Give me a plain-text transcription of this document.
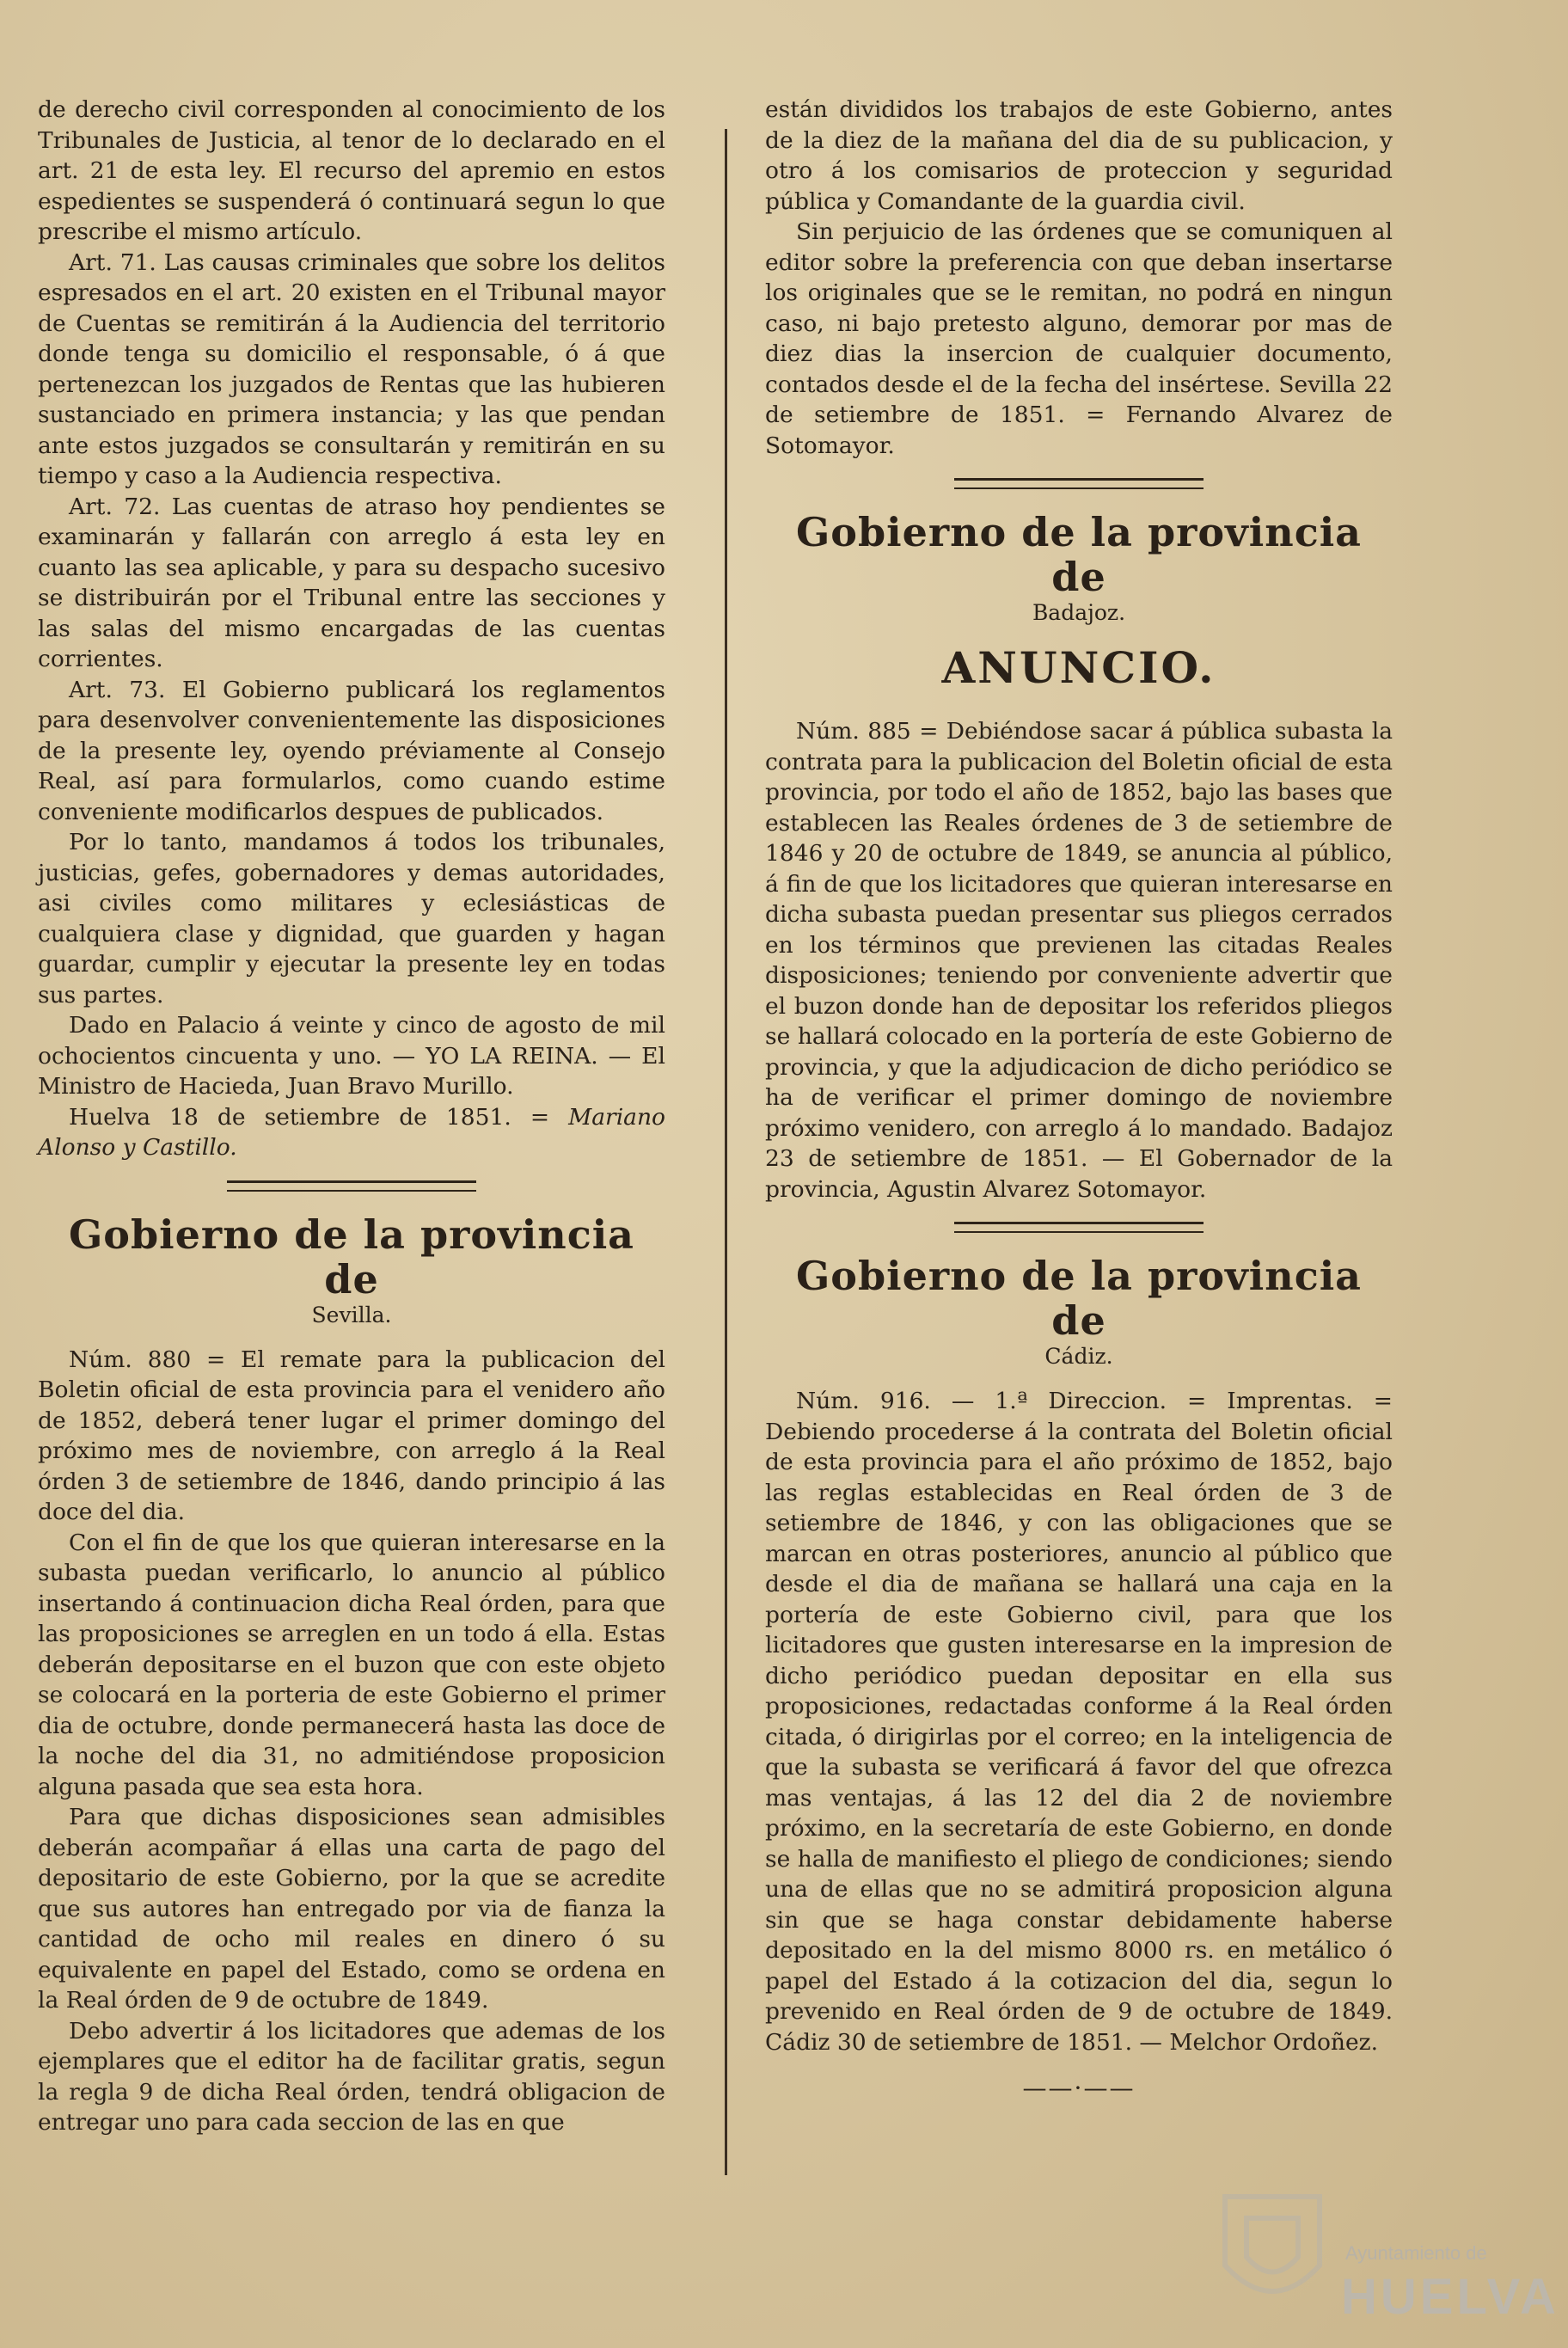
de derecho civil corresponden al conocimiento de los Tribunales de Justicia, al tenor de lo declarado en el art. 21 de esta ley. El recurso del apremio en estos espedientes se suspenderá ó continuará segun lo que prescribe el mismo artículo.

Art. 71. Las causas criminales que sobre los delitos espresados en el art. 20 existen en el Tribunal mayor de Cuentas se remitirán á la Audiencia del territorio donde tenga su domicilio el responsable, ó á que pertenezcan los juzgados de Rentas que las hubieren sustanciado en primera instancia; y las que pendan ante estos juzgados se consultarán y remitirán en su tiempo y caso a la Audiencia respectiva.

Art. 72. Las cuentas de atraso hoy pendientes se examinarán y fallarán con arreglo á esta ley en cuanto las sea aplicable, y para su despacho sucesivo se distribuirán por el Tribunal entre las secciones y las salas del mismo encargadas de las cuentas corrientes.

Art. 73. El Gobierno publicará los reglamentos para desenvolver convenientemente las disposiciones de la presente ley, oyendo préviamente al Consejo Real, así para formularlos, como cuando estime conveniente modificarlos despues de publicados.

Por lo tanto, mandamos á todos los tribunales, justicias, gefes, gobernadores y demas autoridades, asi civiles como militares y eclesiásticas de cualquiera clase y dignidad, que guarden y hagan guardar, cumplir y ejecutar la presente ley en todas sus partes.

Dado en Palacio á veinte y cinco de agosto de mil ochocientos cincuenta y uno. — YO LA REINA. — El Ministro de Hacieda, Juan Bravo Murillo.

Huelva 18 de setiembre de 1851. = Mariano Alonso y Castillo.

Gobierno de la provincia de
Sevilla.

Núm. 880 = El remate para la publicacion del Boletin oficial de esta provincia para el venidero año de 1852, deberá tener lugar el primer domingo del próximo mes de noviembre, con arreglo á la Real órden 3 de setiembre de 1846, dando principio á las doce del dia.

Con el fin de que los que quieran interesarse en la subasta puedan verificarlo, lo anuncio al público insertando á continuacion dicha Real órden, para que las proposiciones se arreglen en un todo á ella. Estas deberán depositarse en el buzon que con este objeto se colocará en la porteria de este Gobierno el primer dia de octubre, donde permanecerá hasta las doce de la noche del dia 31, no admitiéndose proposicion alguna pasada que sea esta hora.

Para que dichas disposiciones sean admisibles deberán acompañar á ellas una carta de pago del depositario de este Gobierno, por la que se acredite que sus autores han entregado por via de fianza la cantidad de ocho mil reales en dinero ó su equivalente en papel del Estado, como se ordena en la Real órden de 9 de octubre de 1849.

Debo advertir á los licitadores que ademas de los ejemplares que el editor ha de facilitar gratis, segun la regla 9 de dicha Real órden, tendrá obligacion de entregar uno para cada seccion de las en que

están divididos los trabajos de este Gobierno, antes de la diez de la mañana del dia de su publicacion, y otro á los comisarios de proteccion y seguridad pública y Comandante de la guardia civil.

Sin perjuicio de las órdenes que se comuniquen al editor sobre la preferencia con que deban insertarse los originales que se le remitan, no podrá en ningun caso, ni bajo pretesto alguno, demorar por mas de diez dias la insercion de cualquier documento, contados desde el de la fecha del insértese. Sevilla 22 de setiembre de 1851. = Fernando Alvarez de Sotomayor.

Gobierno de la provincia de
Badajoz.
ANUNCIO.

Núm. 885 = Debiéndose sacar á pública subasta la contrata para la publicacion del Boletin oficial de esta provincia, por todo el año de 1852, bajo las bases que establecen las Reales órdenes de 3 de setiembre de 1846 y 20 de octubre de 1849, se anuncia al público, á fin de que los licitadores que quieran interesarse en dicha subasta puedan presentar sus pliegos cerrados en los términos que previenen las citadas Reales disposiciones; teniendo por conveniente advertir que el buzon donde han de depositar los referidos pliegos se hallará colocado en la portería de este Gobierno de provincia, y que la adjudicacion de dicho periódico se ha de verificar el primer domingo de noviembre próximo venidero, con arreglo á lo mandado. Badajoz 23 de setiembre de 1851. — El Gobernador de la provincia, Agustin Alvarez Sotomayor.

Gobierno de la provincia de
Cádiz.

Núm. 916. — 1.ª Direccion. = Imprentas. = Debiendo procederse á la contrata del Boletin oficial de esta provincia para el año próximo de 1852, bajo las reglas establecidas en Real órden de 3 de setiembre de 1846, y con las obligaciones que se marcan en otras posteriores, anuncio al público que desde el dia de mañana se hallará una caja en la portería de este Gobierno civil, para que los licitadores que gusten interesarse en la impresion de dicho periódico puedan depositar en ella sus proposiciones, redactadas conforme á la Real órden citada, ó dirigirlas por el correo; en la inteligencia de que la subasta se verificará á favor del que ofrezca mas ventajas, á las 12 del dia 2 de noviembre próximo, en la secretaría de este Gobierno, en donde se halla de manifiesto el pliego de condiciones; siendo una de ellas que no se admitirá proposicion alguna sin que se haga constar debidamente haberse depositado en la del mismo 8000 rs. en metálico ó papel del Estado á la cotizacion del dia, segun lo prevenido en Real órden de 9 de octubre de 1849. Cádiz 30 de setiembre de 1851. — Melchor Ordoñez.

——·——
Ayuntamiento de
HUELVA
